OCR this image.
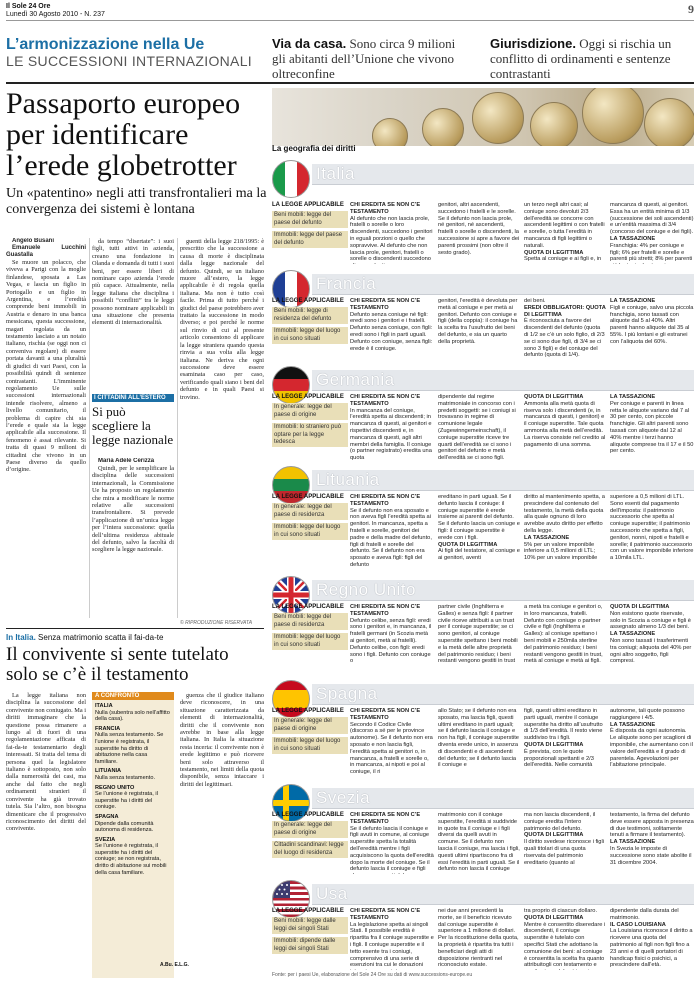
Il Sole 24 Ore
Lunedì 30 Agosto 2010 - N. 237	9
L’armonizzazione nella Ue
LE SUCCESSIONI INTERNAZIONALI
Via da casa. Sono circa 9 milioni gli abitanti dell’Unione che vivono oltreconfine
Giurisdizione. Oggi si rischia un conflitto di ordinamenti e sentenze contrastanti
Passaporto europeo per identificare l’erede globetrotter
Un «patentino» negli atti transfrontalieri ma la convergenza dei sistemi è lontana
La geografia dei diritti

Angelo Busani

Emanuele Lucchini Guastalla

Se muore un polacco, che viveva a Parigi con la moglie finlandese, sposata a Las Vegas, e lascia un figlio in Portogallo e un figlio in Argentina, e l’eredità comprende beni immobili in Austria e denaro in una banca messicana, questa successione, magari regolata da un testamento lasciato a un notaio italiano, rischia (se oggi non ci conveniva regolare) di essere portata davanti a una pluralità di giudici di vari Paesi, con la possibilità quindi di sentenze contrastanti. L’imminente regolamento Ue sulle successioni internazionali intende risolvere, almeno a livello comunitario, il problema di capire chi sia l’erede e quale sia la legge applicabile alla successione. Il fenomeno è assai rilevante. Si tratta di quasi 9 milioni di cittadini che vivono in un Paese diverso da quello d’origine.

da tempo “disertate”: i suoi figli, tutti attivi in azienda, creano una fondazione in Olanda e domanda di tutti i suoi beni, per essere liberi di nominare capo azienda l’erede più capace. Attualmente, nella legge italiana che disciplina i possibili “conflitti” tra le leggi possono nominare applicabili in una situazione che presenta elementi di internazionalità.

I CITTADINI ALL’ESTERO
Si può scegliere la legge nazionale

Maria Adele Cerizza

Quindi, per le semplificare la disciplina delle successioni internazionali, la Commissione Ue ha proposto un regolamento che mira a modificare le norme relative alle successioni transfrontaliere. Si prevede l’applicazione di un’unica legge per l’intera successione: quella dell’ultima residenza abituale del defunto, salvo la facoltà di scegliere la legge nazionale.

guenti della legge 218/1995: è prescritto che la successione a causa di morte è disciplinata dalla legge nazionale del defunto. Quindi, se un italiano muore all’estero, la legge applicabile è di regola quella italiana. Ma non è tutto così facile. Prima di tutto perché i giudici del paese potrebbero aver trattato la successione in modo diverso; e poi perché le norme sul rinvio di cui al presente articolo consentono di applicare la legge straniera quando questa rinvia a sua volta alla legge italiana. Ne deriva che ogni successione deve essere esaminata caso per caso, verificando quali siano i beni del defunto e in quali Paesi si trovino.

© RIPRODUZIONE RISERVATA
In Italia. Senza matrimonio scatta il fai-da-te
Il convivente si sente tutelato solo se c’è il testamento

La legge italiana non disciplina la successione del convivente non coniugato. Ma i diritti immaginare che la questione possa rimanere a lungo al di fuori di una regolamentazione afficata di fai-da-te testamentario degli interessati. Si tratta del tema di persona quel la legislatore italiano è sottoposto, non solo dalla numerosità dei casi, ma anche dal fatto che negli ordinamenti stranieri il convivente ha già trovato tutela. Sia l’altro, non bisogna dimenticare che il progressivo riconoscimento dei diritti del convivente.

A CONFRONTO
ITALIA
Nulla (subentra solo nell’affitto della casa).
FRANCIA
Nulla senza testamento. Se l’unione è registrata, il superstite ha diritto di abitazione nella casa familiare.
LITUANIA
Nulla senza testamento.
REGNO UNITO
Se l’unione è registrata, il superstite ha i diritti del coniuge.
SPAGNA
Dipende dalla comunità autonoma di residenza.
SVEZIA
Se l’unione è registrata, il superstite ha i diritti del coniuge; se non registrata, diritto di abitazione sui mobili della casa familiare.

guenza che il giudice italiano deve riconoscere, in una situazione caratterizzata da elementi di internazionalità, diritti che il convivente non avrebbe in base alla legge italiana. In Italia la situazione resta incerta: il convivente non è erede legittimo e può ricevere beni solo attraverso il testamento, nei limiti della quota disponibile, senza intaccare i diritti dei legittimari.

A.Bu. E.L.G.
Italia
LA LEGGE APPLICABILE
Beni mobili: legge del paese del defunto
Immobili: legge del paese del defunto
CHI EREDITA SE NON C’È TESTAMENTO
Al defunto che non lascia prole, fratelli o sorelle o loro discendenti, succedono i genitori in eguali porzioni o quello che sopravvive. Al defunto che non lascia prole, genitori, fratelli o sorelle o discendenti succedono
genitori, altri ascendenti, succedono i fratelli e le sorelle. Se il defunto non lascia prole, né genitori, né ascendenti, fratelli o sorelle o discendenti, la successione si apre a favore dei parenti prossimi (non oltre il sesto grado).
un terzo negli altri casi; al coniuge sono devoluti 2/3 dell’eredità se concorre con ascendenti legittimi o con fratelli e sorelle, o tutta l’eredità in mancanza di figli legittimi o naturali.
QUOTA DI LEGITTIMA
Spetta al coniuge e ai figli e, in
mancanza di questi, ai genitori. Essa ha un entità minima di 1/3 (successione dei soli ascendenti) e un’entità massima di 3/4 (concorso del coniuge e dei figli).
LA TASSAZIONE
Franchigia: 4% per coniuge e figli; 6% per fratelli e sorelle e parenti più stretti; 8% per parenti
Francia
LA LEGGE APPLICABILE
Beni mobili: legge di residenza del defunto
Immobili: legge del luogo in cui sono situati
CHI EREDITA SE NON C’È TESTAMENTO
Defunto senza coniuge né figli: eredi sono i genitori e i fratelli. Defunto senza coniuge, con figli: eredi sono i figli in parti uguali. Defunto con coniuge, senza figli: erede è il coniuge.
genitori, l’eredità è devoluta per metà al coniuge e per metà ai genitori. Defunto con coniuge e figli (della coppia): il coniuge ha la scelta tra l’usufrutto dei beni del defunto, e sia un quarto della proprietà.
dei beni.
EREDI OBBLIGATORI: QUOTA DI LEGITTIMA
È riconosciuta a favore dei discendenti del defunto (quota di 1/2 se c’è un solo figlio, di 2/3 se ci sono due figli, di 3/4 se ci sono 3 figli) e del coniuge del defunto (quota di 1/4).
LA TASSAZIONE
Figli e coniuge, salvo una piccola franchigia, sono tassati con aliquote dal 5 al 40%. Altri parenti hanno aliquote dal 35 al 55%. I più lontani e gli estranei con l’aliquota del 60%.
Germania
LA LEGGE APPLICABILE
In generale: legge del paese di origine
Immobili: lo straniero può optare per la legge tedesca
CHI EREDITA SE NON C’È TESTAMENTO
In mancanza del coniuge, l’eredità spetta ai discendenti; in mancanza di questi, ai genitori e rispettivi discendenti e, in mancanza di questi, agli altri membri della famiglia. Il coniuge (o partner registrato) eredita una quota
dipendente dal regime matrimoniale in concorso con i predetti soggetti: se i coniugi si trovavano in regime di comunione legale (Zugewinngemeinschaft), il coniuge superstite riceve tre quarti dell’eredità se ci sono i genitori del defunto e metà dell’eredità se ci sono figli.
QUOTA DI LEGITTIMA
Ammonta alla metà quota di riserva solo i discendenti (e, in mancanza di questi, i genitori) e il coniuge superstite. Tale quota ammonta alla metà dell’eredità. La riserva consiste nel credito al pagamento di una somma.
LA TASSAZIONE
Per coniuge e parenti in linea retta le aliquote variano dal 7 al 30 per cento, con piccole franchigie. Gli altri parenti sono tassati con aliquote dal 12 al 40% mentre i terzi hanno aliquote comprese tra il 17 e il 50 per cento.
Lituania
LA LEGGE APPLICABILE
In generale: legge del paese di residenza
Immobili: legge del luogo in cui sono situati
CHI EREDITA SE NON C’È TESTAMENTO
Se il defunto non era sposato e non aveva figli l’eredità spetta ai genitori. In mancanza, spetta a fratelli e sorelle, genitori dei padre e della madre del defunto, figli di fratelli e sorelle del defunto. Se il defunto non era sposato e aveva figli: figli del defunto
ereditano in parti uguali. Se il defunto lascia il coniuge: il coniuge superstite è erede insieme ai parenti del defunto. Se il defunto lascia un coniuge e figli: il coniuge superstite è erede con i figli.
QUOTA DI LEGITTIMA
Ai figli del testatore, al coniuge e ai genitori, aventi
diritto al mantenimento spetta, a prescindere dal contenuto del testamento, la metà della quota alla quale ognuno di loro avrebbe avuto diritto per effetto della legge.
LA TASSAZIONE
5% per un valore imponibile inferiore a 0,5 milioni di LTL; 10% per un valore imponibile
superiore a 0,5 milioni di LTL. Sono esenti dal pagamento dell’imposta: il patrimonio successorio che spetta al coniuge superstite; il patrimonio successorio che spetta a figli, genitori, nonni, nipoti e fratelli e sorelle; il patrimonio successorio con un valore imponibile inferiore a 10mila LTL.
Regno Unito
LA LEGGE APPLICABILE
Beni mobili: legge del paese di residenza
Immobili: legge del luogo in cui sono situati
CHI EREDITA SE NON C’È TESTAMENTO
Defunto celibe, senza figli: eredi sono i genitori e, in mancanza, il fratelli germani (in Scozia metà ai genitori, metà ai fratelli). Defunto celibe, con figli: eredi sono i figli. Defunto con coniuge o
partner civile (Inghilterra e Galles) e senza figli: il partner civile riceve attribuiti a un trust per il coniuge superstite; se ci sono genitori, al coniuge superstite spettano i beni mobili e la metà delle altre proprietà del patrimonio residuo; i beni restanti vengono gestiti in trust
a metà tra coniuge e genitori o, in loro mancanza, fratelli. Defunto con coniuge o partner civile e figli (Inghilterra e Galles): al coniuge spettano i beni mobili e 250mila sterline del patrimonio residuo; i beni restanti vengono gestiti in trust, metà al coniuge e metà ai figli.
QUOTA DI LEGITTIMA
Non esistono quote riservate, solo in Scozia a coniuge e figli è assegnato almeno 1/3 dei beni.
LA TASSAZIONE
Non sono tassati i trasferimenti tra coniugi; aliquota del 40% per ogni altro soggetto, figli compresi.
Spagna
LA LEGGE APPLICABILE
In generale: legge del paese di origine
Immobili: legge del luogo in cui sono situati
CHI EREDITA SE NON C’È TESTAMENTO
Secondo il Codice Civile (discorso a sé per le province autonome). Se il defunto non era sposato e non lascia figli, l’eredità spetta ai genitori o, in mancanza, a fratelli e sorelle o, in mancanza, ai nipoti e poi al coniuge, il ri
allo Stato; se il defunto non era sposato, ma lascia figli, questi ultimi ereditano in parti uguali; se il defunto lascia il coniuge e non ha figli, il coniuge superstite diventa erede unico, in assenza di discendenti e di ascendenti del defunto; se il defunto lascia il coniuge e
figli, questi ultimi ereditano in parti uguali, mentre il coniuge superstite ha diritto all’usufrutto di 1/3 dell’eredità. Il resto viene suddiviso tra i figli.
QUOTA DI LEGITTIMA
È prevista, con le quote proporzionali spettanti e 2/3 dell’eredità. Nelle comunità
autonome, tali quote possono raggiungere i 4/5.
LA TASSAZIONE
È disposta da ogni autonomia. Le aliquote sono per scaglioni di imponibile, che aumentano con il valore dell’eredità e il grado di parentela. Agevolazioni per l’abitazione principale.
Svezia
LA LEGGE APPLICABILE
In generale: legge del paese di origine
Cittadini scandinavi: legge del luogo di residenza
CHI EREDITA SE NON C’È TESTAMENTO
Se il defunto lascia il coniuge e figli avuti in comune, al coniuge superstite spetta la totalità dell’eredità mentre i figli acquisiscono la quota dell’eredità dopo la morte del coniuge. Se il defunto lascia il coniuge e figli
matrimonio con il coniuge superstite, l’eredità si suddivide in quote tra il coniuge e i figli diversi da quelli avuti in comune. Se il defunto non lascia il coniuge, ma lascia i figli, questi ultimi ripartiscono fra di essi l’eredità in parti uguali. Se il defunto non lascia il coniuge
ma non lascia discendenti, il coniuge eredita l’intero patrimonio del defunto.
QUOTA DI LEGITTIMA
Il diritto svedese riconosce i figli quali titolari di una quota riservata del patrimonio ereditario (quanto al
testamento, la firma del defunto deve essere apposta in presenza di due testimoni, solitamente tenuti a firmare il testamento).
LA TASSAZIONE
In Svezia le imposte di successione sono state abolite il 31 dicembre 2004.
Usa
LA LEGGE APPLICABILE
Beni mobili: legge dalle leggi dei singoli Stati
Immobili: dipende dalle leggi dei singoli Stati
CHI EREDITA SE NON C’È TESTAMENTO
La legislazione spetta ai singoli Stati. Il possibile eredità è ripartita fra il coniuge superstite e i figli. Il coniuge superstite e il tetto esente tra i coniugi, comprensivo di una serie di esenzioni tra cui le donazioni
nei due anni precedenti la morte, se il beneficio ricevuto dal coniuge superstite è superiore a 1 milione di dollari. Per la ricostituzione della quota, la proprietà è ripartita tra tutti i beneficiari degli atti di disposizione rientranti nel riconosciuto estate.
tra proprio di ciascun dollaro.
QUOTA DI LEGITTIMA
Mentre è consentito diseredare i discendenti, il coniuge superstite è tutelato con specifici Stati che adottano la comunione dei beni: al coniuge è consentita la scelta fra quanto attribuitogli con testamento e
dipendente dalla durata del matrimonio.
IL CASO LOUISIANA
La Louisiana riconosce il diritto a ricevere una quota del patrimonio al figli non figli fino a 23 anni e di quelli portatori di handicap fisici o psichici, a prescindere dall’età.
Fonte: per i paesi Ue, elaborazione del Sole 24 Ore su dati di www.successions-europe.eu
